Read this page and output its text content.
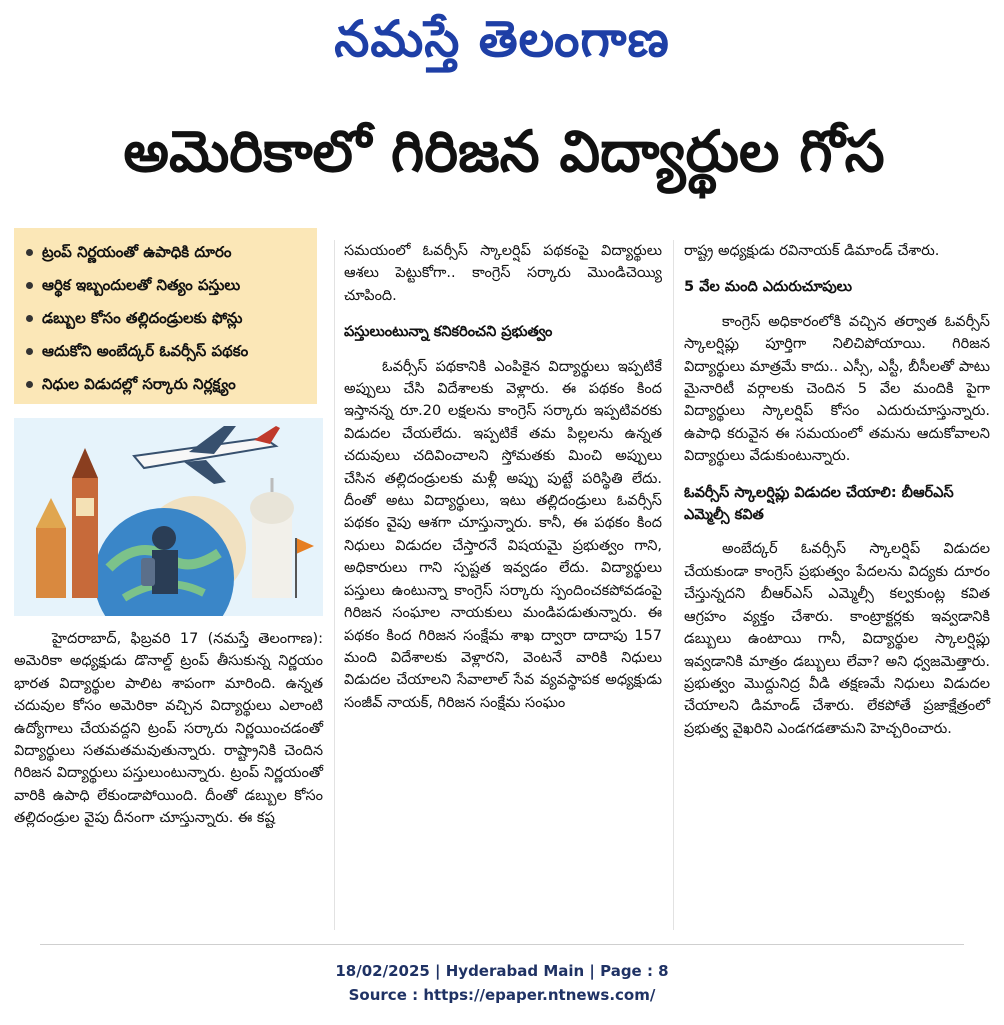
నమస్తే తెలంగాణ
అమెరికాలో గిరిజన విద్యార్థుల గోస
ట్రంప్ నిర్ణయంతో ఉపాధికి దూరం
ఆర్థిక ఇబ్బందులతో నిత్యం పస్తులు
డబ్బుల కోసం తల్లిదండ్రులకు ఫోన్లు
ఆదుకోని అంబేద్కర్ ఓవర్సీస్ పథకం
నిధుల విడుదల్లో సర్కారు నిర్లక్ష్యం

హైదరాబాద్, ఫిబ్రవరి 17 (నమస్తే తెలంగాణ): అమెరికా అధ్యక్షుడు డొనాల్డ్ ట్రంప్ తీసుకున్న నిర్ణయం భారత విద్యార్థుల పాలిట శాపంగా మారింది. ఉన్నత చదువుల కోసం అమెరికా వచ్చిన విద్యార్థులు ఎలాంటి ఉద్యోగాలు చేయవద్దని ట్రంప్ సర్కారు నిర్ణయించడంతో విద్యార్థులు సతమతమవుతున్నారు. రాష్ట్రానికి చెందిన గిరిజన విద్యార్థులు పస్తులుంటున్నారు. ట్రంప్ నిర్ణయంతో వారికి ఉపాధి లేకుండాపోయింది. దీంతో డబ్బుల కోసం తల్లిదండ్రుల వైపు దీనంగా చూస్తున్నారు. ఈ కష్ట

సమయంలో ఓవర్సీస్ స్కాలర్షిప్ పథకంపై విద్యార్థులు ఆశలు పెట్టుకోగా.. కాంగ్రెస్ సర్కారు మొండిచెయ్యి చూపింది.

పస్తులుంటున్నా కనికరించని ప్రభుత్వం

ఓవర్సీస్ పథకానికి ఎంపికైన విద్యార్థులు ఇప్పటికే అప్పులు చేసి విదేశాలకు వెళ్లారు. ఈ పథకం కింద ఇస్తానన్న రూ.20 లక్షలను కాంగ్రెస్ సర్కారు ఇప్పటివరకు విడుదల చేయలేదు. ఇప్పటికే తమ పిల్లలను ఉన్నత చదువులు చదివించాలని స్తోమతకు మించి అప్పులు చేసిన తల్లిదండ్రులకు మళ్లీ అప్పు పుట్టే పరిస్థితి లేదు. దీంతో అటు విద్యార్థులు, ఇటు తల్లిదండ్రులు ఓవర్సీస్ పథకం వైపు ఆశగా చూస్తున్నారు. కానీ, ఈ పథకం కింద నిధులు విడుదల చేస్తారనే విషయమై ప్రభుత్వం గాని, అధికారులు గాని స్పష్టత ఇవ్వడం లేదు. విద్యార్థులు పస్తులు ఉంటున్నా కాంగ్రెస్ సర్కారు స్పందించకపోవడంపై గిరిజన సంఘాల నాయకులు మండిపడుతున్నారు. ఈ పథకం కింద గిరిజన సంక్షేమ శాఖ ద్వారా దాదాపు 157 మంది విదేశాలకు వెళ్లారని, వెంటనే వారికి నిధులు విడుదల చేయాలని సేవాలాల్ సేవ వ్యవస్థాపక అధ్యక్షుడు సంజీవ్ నాయక్, గిరిజన సంక్షేమ సంఘం

రాష్ట్ర అధ్యక్షుడు రవినాయక్ డిమాండ్ చేశారు.

5 వేల మంది ఎదురుచూపులు

కాంగ్రెస్ అధికారంలోకి వచ్చిన తర్వాత ఓవర్సీస్ స్కాలర్షిప్లు పూర్తిగా నిలిచిపోయాయి. గిరిజన విద్యార్థులు మాత్రమే కాదు.. ఎస్సీ, ఎస్టీ, బీసీలతో పాటు మైనారిటీ వర్గాలకు చెందిన 5 వేల మందికి పైగా విద్యార్థులు స్కాలర్షిప్ కోసం ఎదురుచూస్తున్నారు. ఉపాధి కరువైన ఈ సమయంలో తమను ఆదుకోవాలని విద్యార్థులు వేడుకుంటున్నారు.

ఓవర్సీస్ స్కాలర్షిప్లు విడుదల చేయాలి: బీఆర్ఎస్ ఎమ్మెల్సీ కవిత

అంబేద్కర్ ఓవర్సీస్ స్కాలర్షిప్ విడుదల చేయకుండా కాంగ్రెస్ ప్రభుత్వం పేదలను విద్యకు దూరం చేస్తున్నదని బీఆర్ఎస్ ఎమ్మెల్సీ కల్వకుంట్ల కవిత ఆగ్రహం వ్యక్తం చేశారు. కాంట్రాక్టర్లకు ఇవ్వడానికి డబ్బులు ఉంటాయి గానీ, విద్యార్థుల స్కాలర్షిప్లు ఇవ్వడానికి మాత్రం డబ్బులు లేవా? అని ధ్వజమెత్తారు. ప్రభుత్వం మొద్దునిద్ర వీడి తక్షణమే నిధులు విడుదల చేయాలని డిమాండ్ చేశారు. లేకపోతే ప్రజాక్షేత్రంలో ప్రభుత్వ వైఖరిని ఎండగడతామని హెచ్చరించారు.

18/02/2025 | Hyderabad Main | Page : 8
Source : https://epaper.ntnews.com/
